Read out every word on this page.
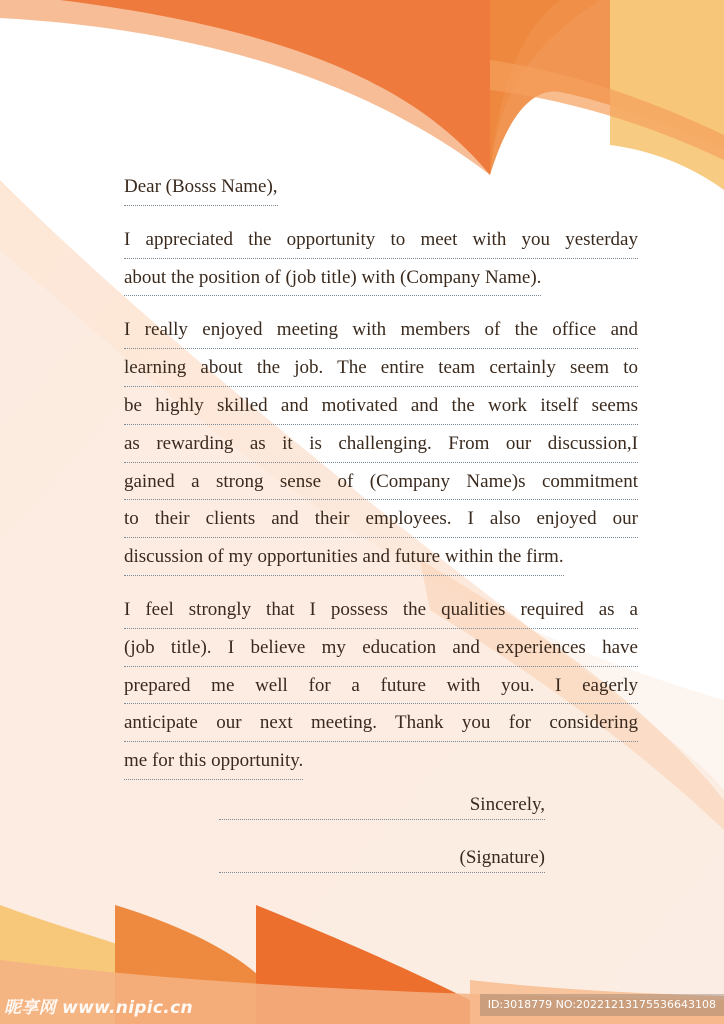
Dear (Bosss Name),
I appreciated the opportunity to meet with you yesterday
about the position of (job title) with (Company Name).
I really enjoyed meeting with members of the office and
learning about the job. The entire team certainly seem to
be highly skilled and motivated and the work itself seems
as rewarding as it is challenging. From our discussion,I
gained a strong sense of (Company Name)s commitment
to their clients and their employees. I also enjoyed our
discussion of my opportunities and future within the firm.
I feel strongly that I possess the qualities required as a
(job title). I believe my education and experiences have
prepared me well for a future with you. I eagerly
anticipate our next meeting. Thank you for considering
me for this opportunity.
Sincerely,
(Signature)
昵享网 www.nipic.cn	ID:3018779 NO:20221213175536643108
